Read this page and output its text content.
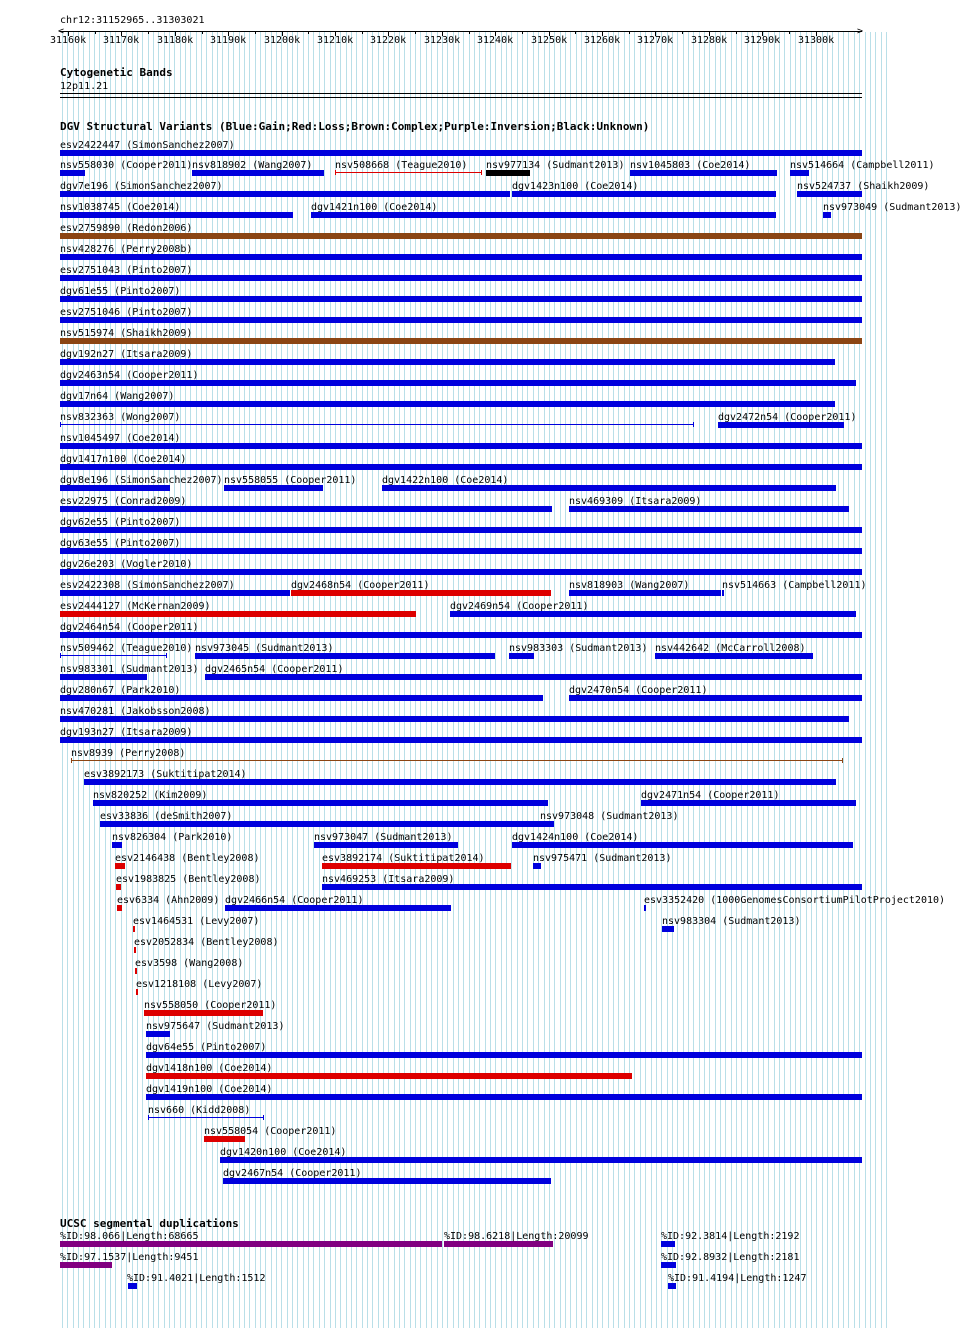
chr12:31152965..31303021
<	>
31160k 31170k 31180k 31190k 31200k 31210k 31220k 31230k 31240k 31250k 31260k 31270k 31280k 31290k 31300k
Cytogenetic Bands
12p11.21
DGV Structural Variants (Blue:Gain;Red:Loss;Brown:Complex;Purple:Inversion;Black:Unknown)
esv2422447 (SimonSanchez2007)
nsv558030 (Cooper2011) nsv818902 (Wang2007) nsv508668 (Teague2010) nsv977134 (Sudmant2013) nsv1045803 (Coe2014)	nsv514664 (Campbell2011)
dgv7e196 (SimonSanchez2007)	dgv1423n100 (Coe2014)	nsv524737 (Shaikh2009)
nsv1038745 (Coe2014)	dgv1421n100 (Coe2014)	nsv973049 (Sudmant2013)
esv2759890 (Redon2006)
nsv428276 (Perry2008b)
esv2751043 (Pinto2007)
dgv61e55 (Pinto2007)
esv2751046 (Pinto2007)
nsv515974 (Shaikh2009)
dgv192n27 (Itsara2009)
dgv2463n54 (Cooper2011)
dgv17n64 (Wang2007)
nsv832363 (Wong2007)	dgv2472n54 (Cooper2011)
nsv1045497 (Coe2014)
dgv1417n100 (Coe2014)
dgv8e196 (SimonSanchez2007) nsv558055 (Cooper2011)	dgv1422n100 (Coe2014)
esv22975 (Conrad2009)	nsv469309 (Itsara2009)
dgv62e55 (Pinto2007)
dgv63e55 (Pinto2007)
dgv26e203 (Vogler2010)
esv2422308 (SimonSanchez2007)	dgv2468n54 (Cooper2011)	nsv818903 (Wang2007)	nsv514663 (Campbell2011)
esv2444127 (McKernan2009)	dgv2469n54 (Cooper2011)
dgv2464n54 (Cooper2011)
nsv509462 (Teague2010) nsv973045 (Sudmant2013)	nsv983303 (Sudmant2013) nsv442642 (McCarroll2008)
nsv983301 (Sudmant2013) dgv2465n54 (Cooper2011)
dgv280n67 (Park2010)	dgv2470n54 (Cooper2011)
nsv470281 (Jakobsson2008)
dgv193n27 (Itsara2009)
nsv8939 (Perry2008)
esv3892173 (Suktitipat2014)
nsv820252 (Kim2009)	dgv2471n54 (Cooper2011)
esv33836 (deSmith2007)	nsv973048 (Sudmant2013)
nsv826304 (Park2010)	nsv973047 (Sudmant2013)	dgv1424n100 (Coe2014)
esv2146438 (Bentley2008)	esv3892174 (Suktitipat2014)	nsv975471 (Sudmant2013)
esv1983825 (Bentley2008)	nsv469253 (Itsara2009)
esv6334 (Ahn2009) dgv2466n54 (Cooper2011)	esv3352420 (1000GenomesConsortiumPilotProject2010)
esv1464531 (Levy2007)	nsv983304 (Sudmant2013)
esv2052834 (Bentley2008)
esv3598 (Wang2008)
esv1218108 (Levy2007)
nsv558050 (Cooper2011)
nsv975647 (Sudmant2013)
dgv64e55 (Pinto2007)
dgv1418n100 (Coe2014)
dgv1419n100 (Coe2014)
nsv660 (Kidd2008)
nsv558054 (Cooper2011)
dgv1420n100 (Coe2014)
dgv2467n54 (Cooper2011)
UCSC segmental duplications
%ID:98.066|Length:68665	%ID:98.6218|Length:20099	%ID:92.3814|Length:2192
%ID:97.1537|Length:9451	%ID:92.8932|Length:2181
%ID:91.4021|Length:1512	%ID:91.4194|Length:1247
